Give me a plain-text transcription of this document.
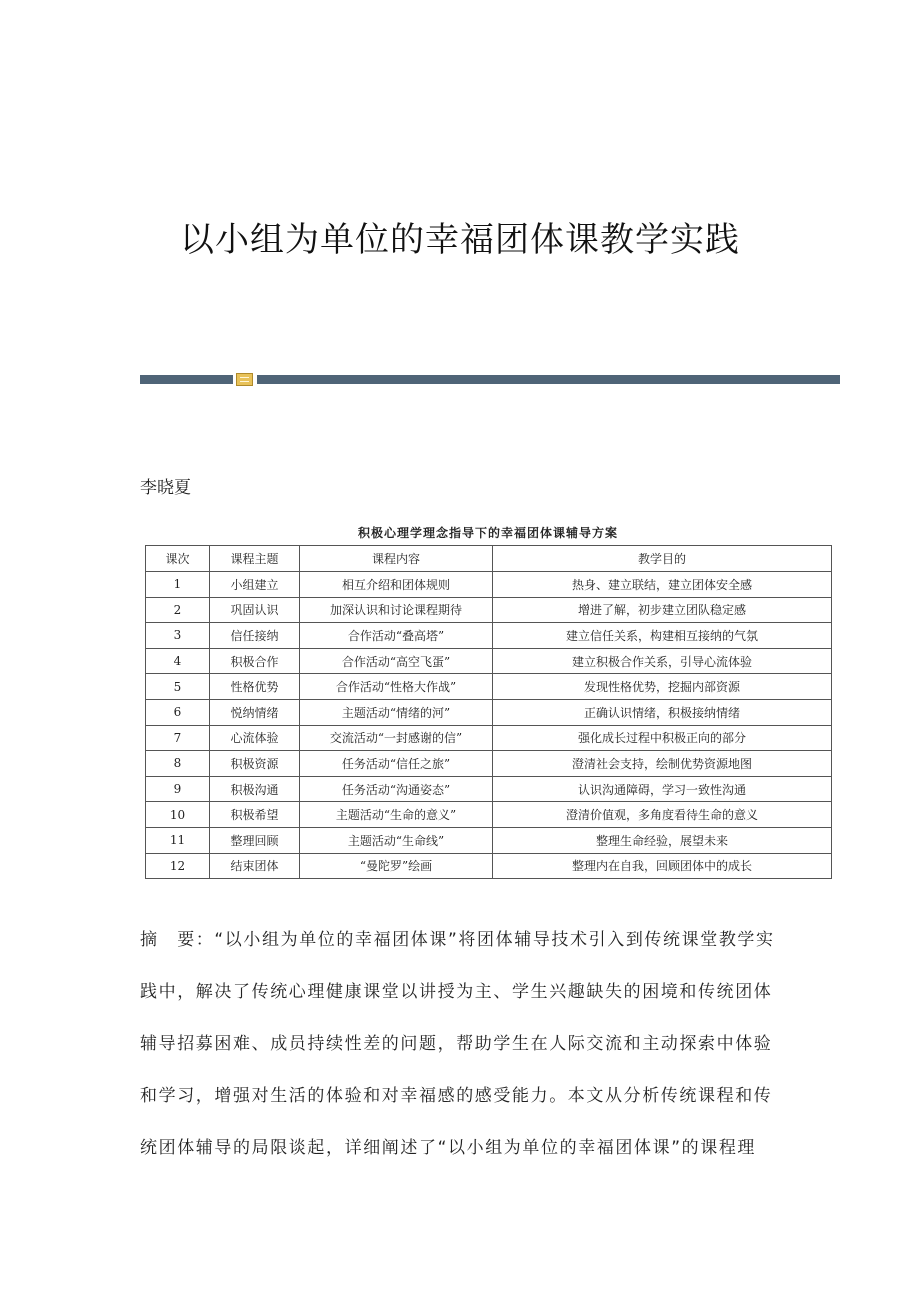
以小组为单位的幸福团体课教学实践
李晓夏
积极心理学理念指导下的幸福团体课辅导方案
课次	课程主题	课程内容	教学目的
1	小组建立	相互介绍和团体规则	热身、建立联结，建立团体安全感
2	巩固认识	加深认识和讨论课程期待	增进了解，初步建立团队稳定感
3	信任接纳	合作活动“叠高塔”	建立信任关系，构建相互接纳的气氛
4	积极合作	合作活动“高空飞蛋”	建立积极合作关系，引导心流体验
5	性格优势	合作活动“性格大作战”	发现性格优势，挖掘内部资源
6	悦纳情绪	主题活动“情绪的河”	正确认识情绪，积极接纳情绪
7	心流体验	交流活动“一封感谢的信”	强化成长过程中积极正向的部分
8	积极资源	任务活动“信任之旅”	澄清社会支持，绘制优势资源地图
9	积极沟通	任务活动“沟通姿态”	认识沟通障碍，学习一致性沟通
10	积极希望	主题活动“生命的意义”	澄清价值观，多角度看待生命的意义
11	整理回顾	主题活动“生命线”	整理生命经验，展望未来
12	结束团体	“曼陀罗”绘画	整理内在自我，回顾团体中的成长
摘　要：“以小组为单位的幸福团体课”将团体辅导技术引入到传统课堂教学实
践中，解决了传统心理健康课堂以讲授为主、学生兴趣缺失的困境和传统团体
辅导招募困难、成员持续性差的问题，帮助学生在人际交流和主动探索中体验
和学习，增强对生活的体验和对幸福感的感受能力。本文从分析传统课程和传
统团体辅导的局限谈起，详细阐述了“以小组为单位的幸福团体课”的课程理
